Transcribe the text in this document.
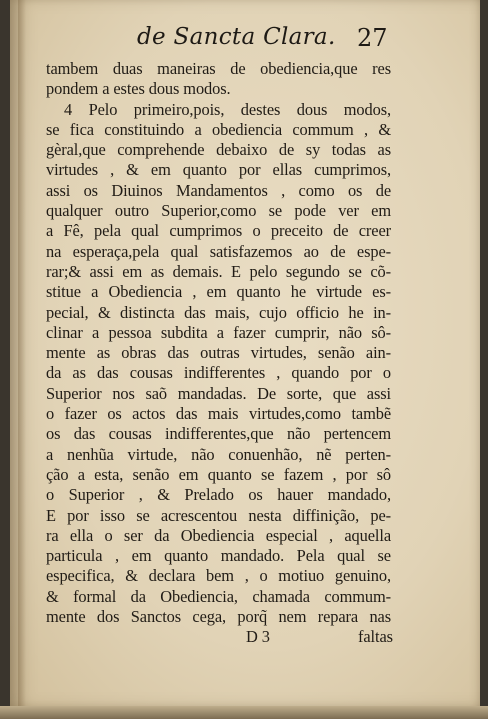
de Sancta Clara. 27
tambem duas maneiras de obediencia,que res
pondem a estes dous modos.
4 Pelo primeiro,pois, destes dous modos,
se fica constituindo a obediencia commum , &
gèral,que comprehende debaixo de sy todas as
virtudes , & em quanto por ellas cumprimos,
assi os Diuinos Mandamentos , como os de
qualquer outro Superior,como se pode ver em
a Fê, pela qual cumprimos o preceito de creer
na esperaça,pela qual satisfazemos ao de espe-
rar;& assi em as demais. E pelo segundo se cõ-
stitue a Obediencia , em quanto he virtude es-
pecial, & distincta das mais, cujo officio he in-
clinar a pessoa subdita a fazer cumprir, não sô-
mente as obras das outras virtudes, senão ain-
da as das cousas indifferentes , quando por o
Superior nos saõ mandadas. De sorte, que assi
o fazer os actos das mais virtudes,como tambẽ
os das cousas indifferentes,que não pertencem
a nenhũa virtude, não conuenhão, nẽ perten-
ção a esta, senão em quanto se fazem , por sô
o Superior , & Prelado os hauer mandado,
E por isso se acrescentou nesta diffinição, pe-
ra ella o ser da Obediencia especial , aquella
particula , em quanto mandado. Pela qual se
especifica, & declara bem , o motiuo genuino,
& formal da Obediencia, chamada commum-
mente dos Sanctos cega, porq̃ nem repara nas
D 3	faltas
